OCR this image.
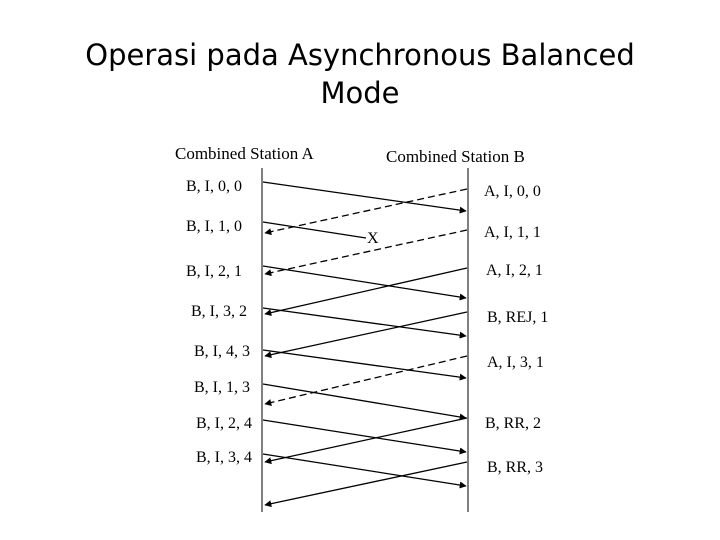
Operasi pada Asynchronous Balanced
Mode
Combined Station A	Combined Station B
B, I, 0, 0
B, I, 1, 0
B, I, 2, 1
B, I, 3, 2
B, I, 4, 3
B, I, 1, 3
B, I, 2, 4
B, I, 3, 4
A, I, 0, 0
A, I, 1, 1
A, I, 2, 1
B, REJ, 1
A, I, 3, 1
B, RR, 2
B, RR, 3
X
